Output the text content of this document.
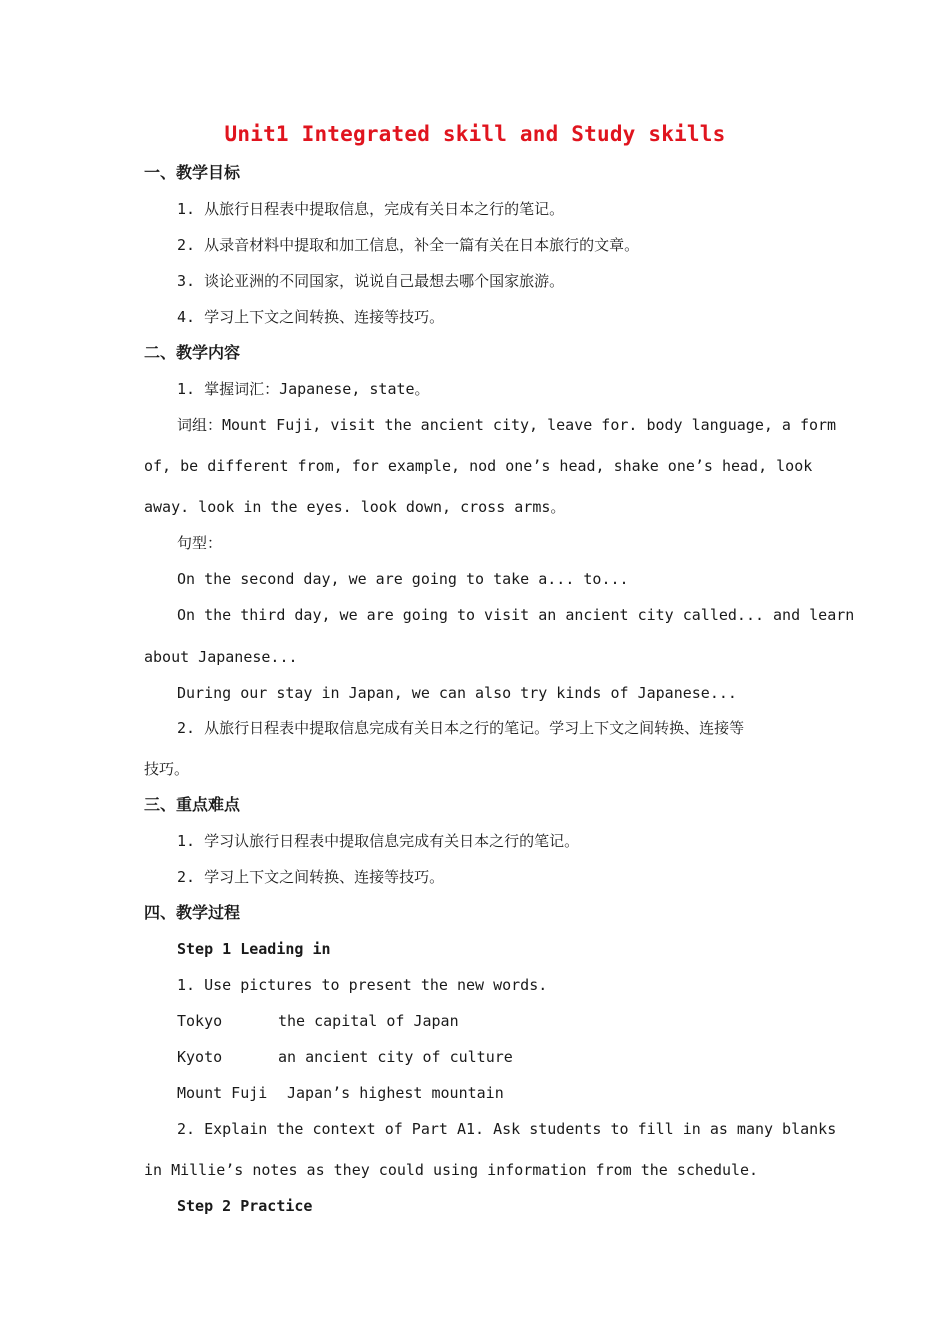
Unit1 Integrated skill and Study skills
一、教学目标
1. 从旅行日程表中提取信息，完成有关日本之行的笔记。
2. 从录音材料中提取和加工信息，补全一篇有关在日本旅行的文章。
3. 谈论亚洲的不同国家，说说自己最想去哪个国家旅游。
4. 学习上下文之间转换、连接等技巧。
二、教学内容
1. 掌握词汇：Japanese, state。
词组：Mount Fuji, visit the ancient city, leave for. body language, a form
of, be different from, for example, nod one’s head, shake one’s head, look
away. look in the eyes. look down, cross arms。
句型：
On the second day, we are going to take a... to...
On the third day, we are going to visit an ancient city called... and learn
about Japanese...
During our stay in Japan, we can also try kinds of Japanese...
2. 从旅行日程表中提取信息完成有关日本之行的笔记。学习上下文之间转换、连接等
技巧。
三、重点难点
1. 学习认旅行日程表中提取信息完成有关日本之行的笔记。
2. 学习上下文之间转换、连接等技巧。
四、教学过程
Step 1 Leading in
1. Use pictures to present the new words.
Tokyo	the capital of Japan
Kyoto	an ancient city of culture
Mount Fuji Japan’s highest mountain
2. Explain the context of Part A1. Ask students to fill in as many blanks
in Millie’s notes as they could using information from the schedule.
Step 2 Practice
